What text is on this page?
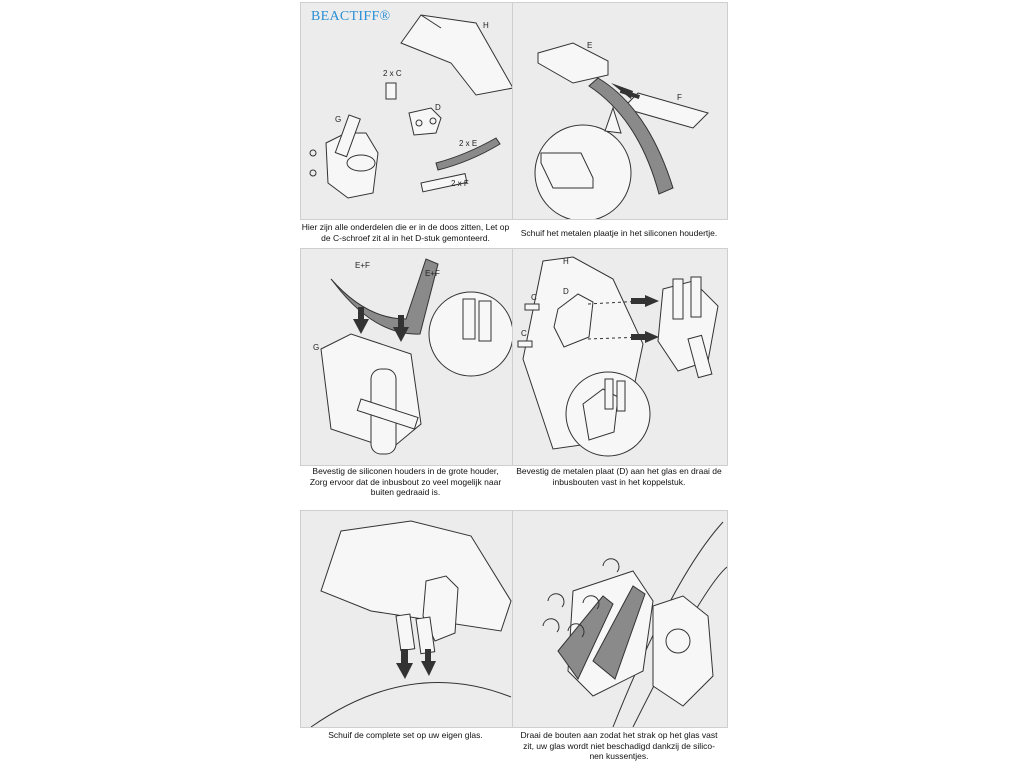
BEACTIFF®
H
2 x C
D
G
2 x E
2 x F
Hier zijn alle onderdelen die er in de doos zitten, Let op
de C-schroef zit al in het D-stuk gemonteerd.
E
F
Schuif het metalen plaatje in het siliconen houdertje.
E+F
E+F
G
Bevestig de siliconen houders in de grote houder,
Zorg ervoor dat de inbusbout zo veel mogelijk naar
buiten gedraaid is.
H
C
D
C
Bevestig de metalen plaat (D) aan het glas en draai de
inbusbouten vast in het koppelstuk.
Schuif de complete set op uw eigen glas.	Draai de bouten aan zodat het strak op het glas vast
zit, uw glas wordt niet beschadigd dankzij de silico-
nen kussentjes.
